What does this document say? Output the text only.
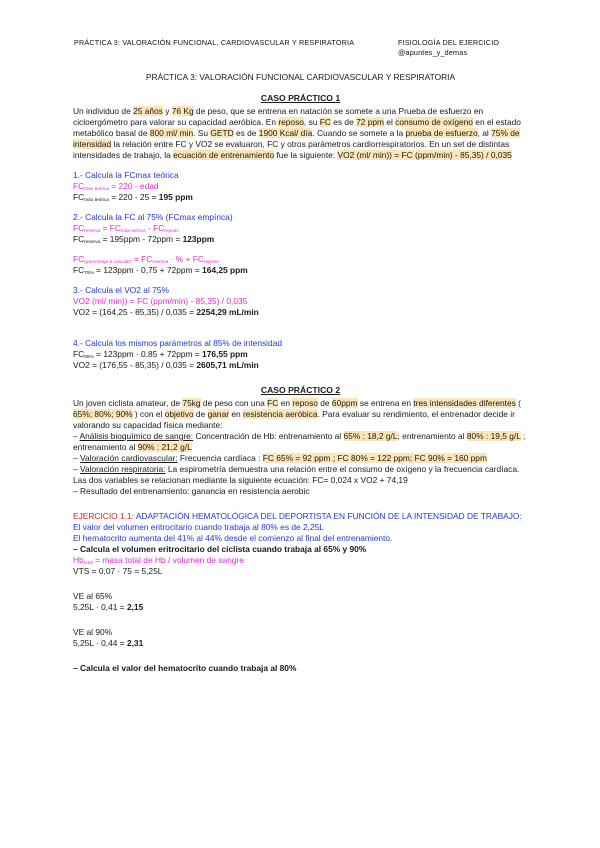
PRÁCTICA 3: VALORACIÓN FUNCIONAL, CARDIOVASCULAR Y RESPIRATORIA	FISIOLOGÍA DEL EJERCICIO
@apuntes_y_demas
PRÁCTICA 3: VALORACIÓN FUNCIONAL CARDIOVASCULAR Y RESPIRATORIA
CASO PRÁCTICO 1

Un individuo de 25 años y 76 Kg de peso, que se entrena en natación se somete a una Prueba de esfuerzo en cicloergómetro para valorar su capacidad aeróbica. En reposo, su FC es de 72 ppm el consumo de oxígeno en el estado metabólico basal de 800 ml/ min. Su GETD es de 1900 Kcal/ día. Cuando se somete a la prueba de esfuerzo, al 75% de intensidad la relación entre FC y VO2 se evaluaron, FC y otros parámetros cardiorrespiratorios. En un set de distintas intensidades de trabajo, la ecuación de entrenamiento fue la siguiente: VO2 (ml/ min)) = FC (ppm/min) - 85,35) / 0,035

1.- Calcula la FCmax teórica

$FC_{máx teórica} = 220$ - edad

$FC_{máx teórica} = 220 - 25 = 195$ ppm

2.- Calcula la FC al 75% (FCmax empírica)

$FC_{reserva} = FC_{máx teórica} - FC_{reposo}$

$FC_{reserva} = 195ppm - 72ppm = 123ppm$

$FC_{(porcentaje a calcular)} = FC_{reserva}$ · % + $FC_{reposo}$

$FC_{75\%} = 123ppm \cdot 0,75 + 72ppm = 164,25$ ppm

3.- Calcula el VO2 al 75%

VO2 (ml/ min)) = FC (ppm/min) - 85,35) / 0,035

VO2 = (164,25 - 85,35) / 0,035 = 2254,29 mL/min

4.- Calcula los mismos parámetros al 85% de intensidad

$FC_{85\%} = 123ppm \cdot 0,85 + 72ppm = 176,55$ ppm

VO2 = (176,55 - 85,35) / 0,035 = 2605,71 mL/min

CASO PRÁCTICO 2

Un joven ciclista amateur, de 75kg de peso con una FC en reposo de 60ppm se entrena en tres intensidades diferentes ( 65%; 80%; 90% ) con el objetivo de ganar en resistencia aeróbica. Para evaluar su rendimiento, el entrenador decide ir valorando su capacidad física mediante:

– Análisis bioquímico de sangre: Concentración de Hb: entrenamiento al 65% : 18,2 g/L; entrenamiento al 80% : 19,5 g/L ; entrenamiento al 90% : 21,2 g/L

– Valoración cardiovascular: Frecuencia cardíaca : FC 65% = 92 ppm ; FC 80% = 122 ppm; FC 90% = 160 ppm

– Valoración respiratoria: La espirometría demuestra una relación entre el consumo de oxígeno y la frecuencia cardíaca. Las dos variables se relacionan mediante la siguiente ecuación: FC= 0,024 x VO2 + 74,19

– Resultado del entrenamiento: ganancia en resistencia aerobic

EJERCICIO 1.1: ADAPTACIÓN HEMATOLÓGICA DEL DEPORTISTA EN FUNCIÓN DE LA INTENSIDAD DE TRABAJO:

El valor del volumen eritrocitario cuando trabaja al 80% es de 2,25L

El hematocrito aumenta del 41% al 44% desde el comienzo al final del entrenamiento.

– Calcula el volumen eritrocitario del ciclista cuando trabaja al 65% y 90%

$Hb_{total}$ = masa total de Hb / volumen de sangre

VTS = 0,07 · 75 = 5,25L

VE al 65%

5,25L · 0,41 = 2,15

VE al 90%

5,25L · 0,44 = 2,31

– Calcula el valor del hematocrito cuando trabaja al 80%
